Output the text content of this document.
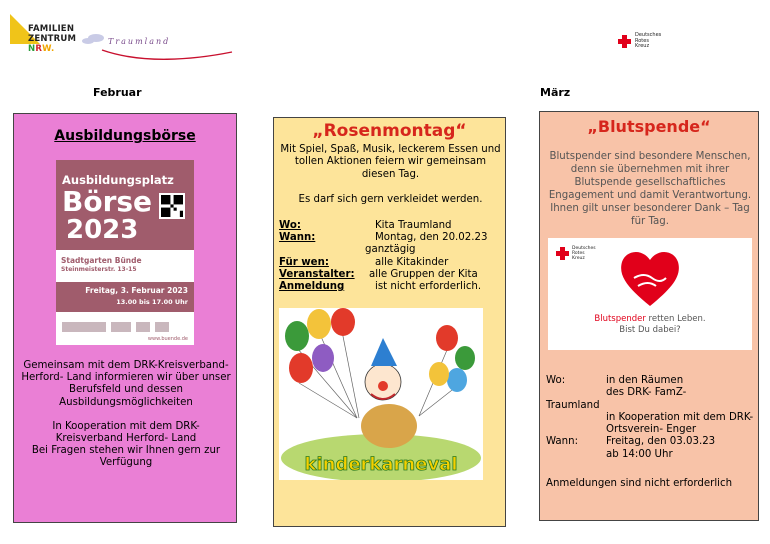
FAMILIEN
ZENTRUM
NRW.
Traumland
Deutsches
Rotes
Kreuz
Februar	März
Ausbildungsbörse
Ausbildungsplatz
Börse
2023
Stadtgarten Bünde
Steinmeisterstr. 13-15
Freitag, 3. Februar 2023
13.00 bis 17.00 Uhr
www.buende.de

Gemeinsam mit dem DRK-Kreisverband- Herford- Land informieren wir über unser Berufsfeld und dessen Ausbildungsmöglichkeiten

In Kooperation mit dem DRK-Kreisverband Herford- Land

Bei Fragen stehen wir Ihnen gern zur Verfügung

„Rosenmontag“
Mit Spiel, Spaß, Musik, leckerem Essen und tollen Aktionen feiern wir gemeinsam diesen Tag.
Es darf sich gern verkleidet werden.
Wo:	Kita Traumland
Wann:	Montag, den 20.02.23
ganztägig
Für wen:	alle Kitakinder
Veranstalter:	alle Gruppen der Kita
Anmeldung	ist nicht erforderlich.
kinderkarneval
„Blutspende“
Blutspender sind besondere Menschen, denn sie übernehmen mit ihrer Blutspende gesellschaftliches Engagement und damit Verantwortung. Ihnen gilt unser besonderer Dank – Tag für Tag.
Deutsches
Rotes
Kreuz
Blutspender retten Leben.
Bist Du dabei?
Wo:	in den Räumen
des DRK- FamZ-
Traumland
in Kooperation mit dem DRK-Ortsverein- Enger
Wann:	Freitag, den 03.03.23
ab 14:00 Uhr
Anmeldungen sind nicht erforderlich
